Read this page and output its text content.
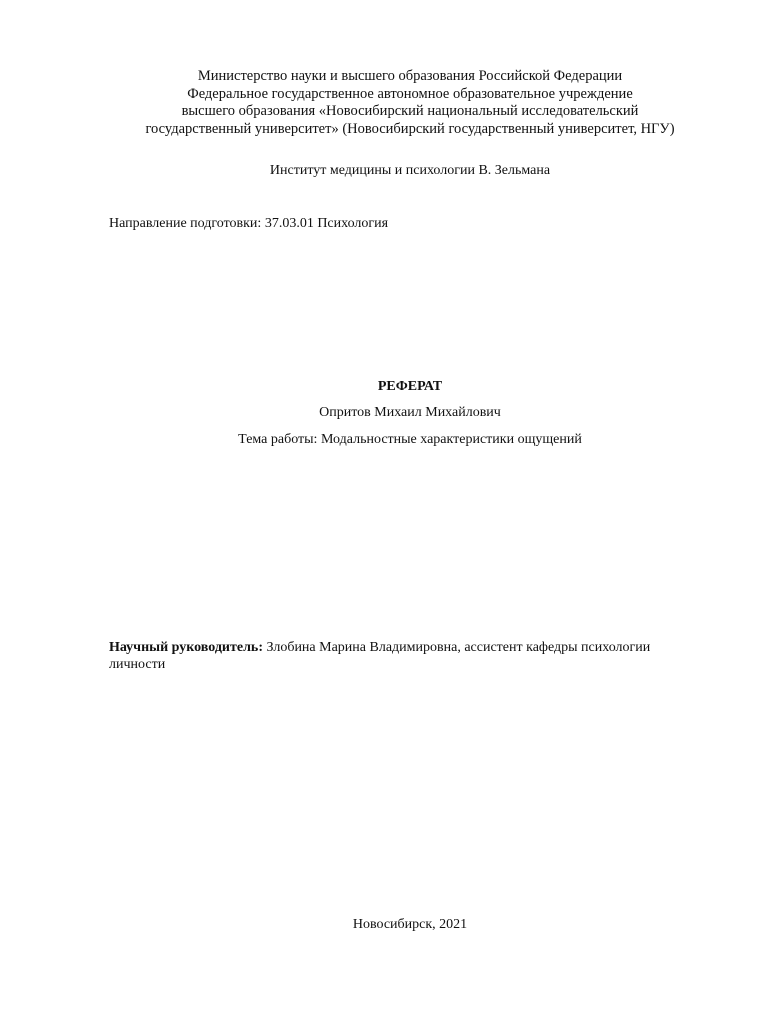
Министерство науки и высшего образования Российской Федерации
Федеральное государственное автономное образовательное учреждение
высшего образования «Новосибирский национальный исследовательский
государственный университет» (Новосибирский государственный университет, НГУ)
Институт медицины и психологии В. Зельмана
Направление подготовки: 37.03.01 Психология
РЕФЕРАТ
Опритов Михаил Михайлович
Тема работы: Модальностные характеристики ощущений
Научный руководитель: Злобина Марина Владимировна, ассистент кафедры психологии личности
Новосибирск, 2021
